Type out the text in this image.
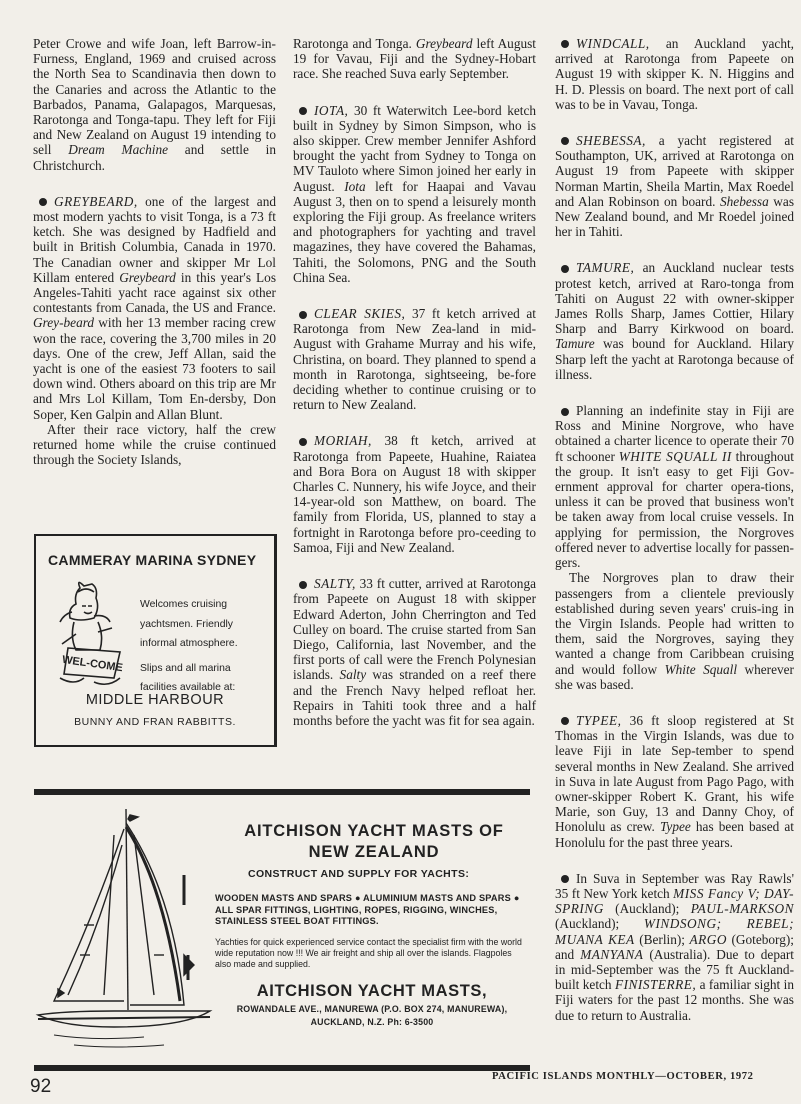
Peter Crowe and wife Joan, left Barrow-in-Furness, England, 1969 and cruised across the North Sea to Scandinavia then down to the Canaries and across the Atlantic to the Barbados, Panama, Galapagos, Marquesas, Rarotonga and Tonga-tapu. They left for Fiji and New Zealand on August 19 intending to sell Dream Machine and settle in Christchurch.

GREYBEARD, one of the largest and most modern yachts to visit Tonga, is a 73 ft ketch. She was designed by Hadfield and built in British Columbia, Canada in 1970. The Canadian owner and skipper Mr Lol Killam entered Greybeard in this year's Los Angeles-Tahiti yacht race against six other contestants from Canada, the US and France. Grey-beard with her 13 member racing crew won the race, covering the 3,700 miles in 20 days. One of the crew, Jeff Allan, said the yacht is one of the easiest 73 footers to sail down wind. Others aboard on this trip are Mr and Mrs Lol Killam, Tom En-dersby, Don Soper, Ken Galpin and Allan Blunt.

After their race victory, half the crew returned home while the cruise continued through the Society Islands,

Rarotonga and Tonga. Greybeard left August 19 for Vavau, Fiji and the Sydney-Hobart race. She reached Suva early September.

IOTA, 30 ft Waterwitch Lee-bord ketch built in Sydney by Simon Simpson, who is also skipper. Crew member Jennifer Ashford brought the yacht from Sydney to Tonga on MV Tauloto where Simon joined her early in August. Iota left for Haapai and Vavau August 3, then on to spend a leisurely month exploring the Fiji group. As freelance writers and photographers for yachting and travel magazines, they have covered the Bahamas, Tahiti, the Solomons, PNG and the South China Sea.

CLEAR SKIES, 37 ft ketch arrived at Rarotonga from New Zea-land in mid-August with Grahame Murray and his wife, Christina, on board. They planned to spend a month in Rarotonga, sightseeing, be-fore deciding whether to continue cruising or to return to New Zealand.

MORIAH, 38 ft ketch, arrived at Rarotonga from Papeete, Huahine, Raiatea and Bora Bora on August 18 with skipper Charles C. Nunnery, his wife Joyce, and their 14-year-old son Matthew, on board. The family from Florida, US, planned to stay a fortnight in Rarotonga before pro-ceeding to Samoa, Fiji and New Zealand.

SALTY, 33 ft cutter, arrived at Rarotonga from Papeete on August 18 with skipper Edward Aderton, John Cherrington and Ted Culley on board. The cruise started from San Diego, California, last November, and the first ports of call were the French Polynesian islands. Salty was stranded on a reef there and the French Navy helped refloat her. Repairs in Tahiti took three and a half months before the yacht was fit for sea again.

WINDCALL, an Auckland yacht, arrived at Rarotonga from Papeete on August 19 with skipper K. N. Higgins and H. D. Plessis on board. The next port of call was to be in Vavau, Tonga.

SHEBESSA, a yacht registered at Southampton, UK, arrived at Rarotonga on August 19 from Papeete with skipper Norman Martin, Sheila Martin, Max Roedel and Alan Robinson on board. Shebessa was New Zealand bound, and Mr Roedel joined her in Tahiti.

TAMURE, an Auckland nuclear tests protest ketch, arrived at Raro-tonga from Tahiti on August 22 with owner-skipper James Rolls Sharp, James Cottier, Hilary Sharp and Barry Kirkwood on board. Tamure was bound for Auckland. Hilary Sharp left the yacht at Rarotonga because of illness.

Planning an indefinite stay in Fiji are Ross and Minine Norgrove, who have obtained a charter licence to operate their 70 ft schooner WHITE SQUALL II throughout the group. It isn't easy to get Fiji Gov-ernment approval for charter opera-tions, unless it can be proved that business won't be taken away from local cruise vessels. In applying for permission, the Norgroves offered never to advertise locally for passen-gers.

The Norgroves plan to draw their passengers from a clientele previously established during seven years' cruis-ing in the Virgin Islands. People had written to them, said the Norgroves, saying they wanted a change from Caribbean cruising and would follow White Squall wherever she was based.

TYPEE, 36 ft sloop registered at St Thomas in the Virgin Islands, was due to leave Fiji in late Sep-tember to spend several months in New Zealand. She arrived in Suva in late August from Pago Pago, with owner-skipper Robert K. Grant, his wife Marie, son Guy, 13 and Danny Choy, of Honolulu as crew. Typee has been based at Honolulu for the past three years.

In Suva in September was Ray Rawls' 35 ft New York ketch MISS Fancy V; DAY-SPRING (Auckland); PAUL-MARKSON (Auckland); WINDSONG; REBEL; MUANA KEA (Berlin); ARGO (Goteborg); and MANYANA (Australia). Due to depart in mid-September was the 75 ft Auckland-built ketch FINISTERRE, a familiar sight in Fiji waters for the past 12 months. She was due to return to Australia.

CAMMERAY MARINA SYDNEY
WEL-COME
Welcomes cruising
yachtsmen. Friendly
informal atmosphere.
Slips and all marina
facilities available at:
MIDDLE HARBOUR
BUNNY AND FRAN RABBITTS.
AITCHISON YACHT MASTS OF NEW ZEALAND
CONSTRUCT AND SUPPLY FOR YACHTS:
WOODEN MASTS AND SPARS ● ALUMINIUM MASTS AND SPARS ● ALL SPAR FITTINGS, LIGHTING, ROPES, RIGGING, WINCHES, STAINLESS STEEL BOAT FITTINGS.
Yachties for quick experienced service contact the specialist firm with the world wide reputation now !!! We air freight and ship all over the islands. Flagpoles also made and supplied.
AITCHISON YACHT MASTS,
ROWANDALE AVE., MANUREWA (P.O. BOX 274, MANUREWA), AUCKLAND, N.Z. Ph: 6-3500
92	PACIFIC ISLANDS MONTHLY—OCTOBER, 1972
